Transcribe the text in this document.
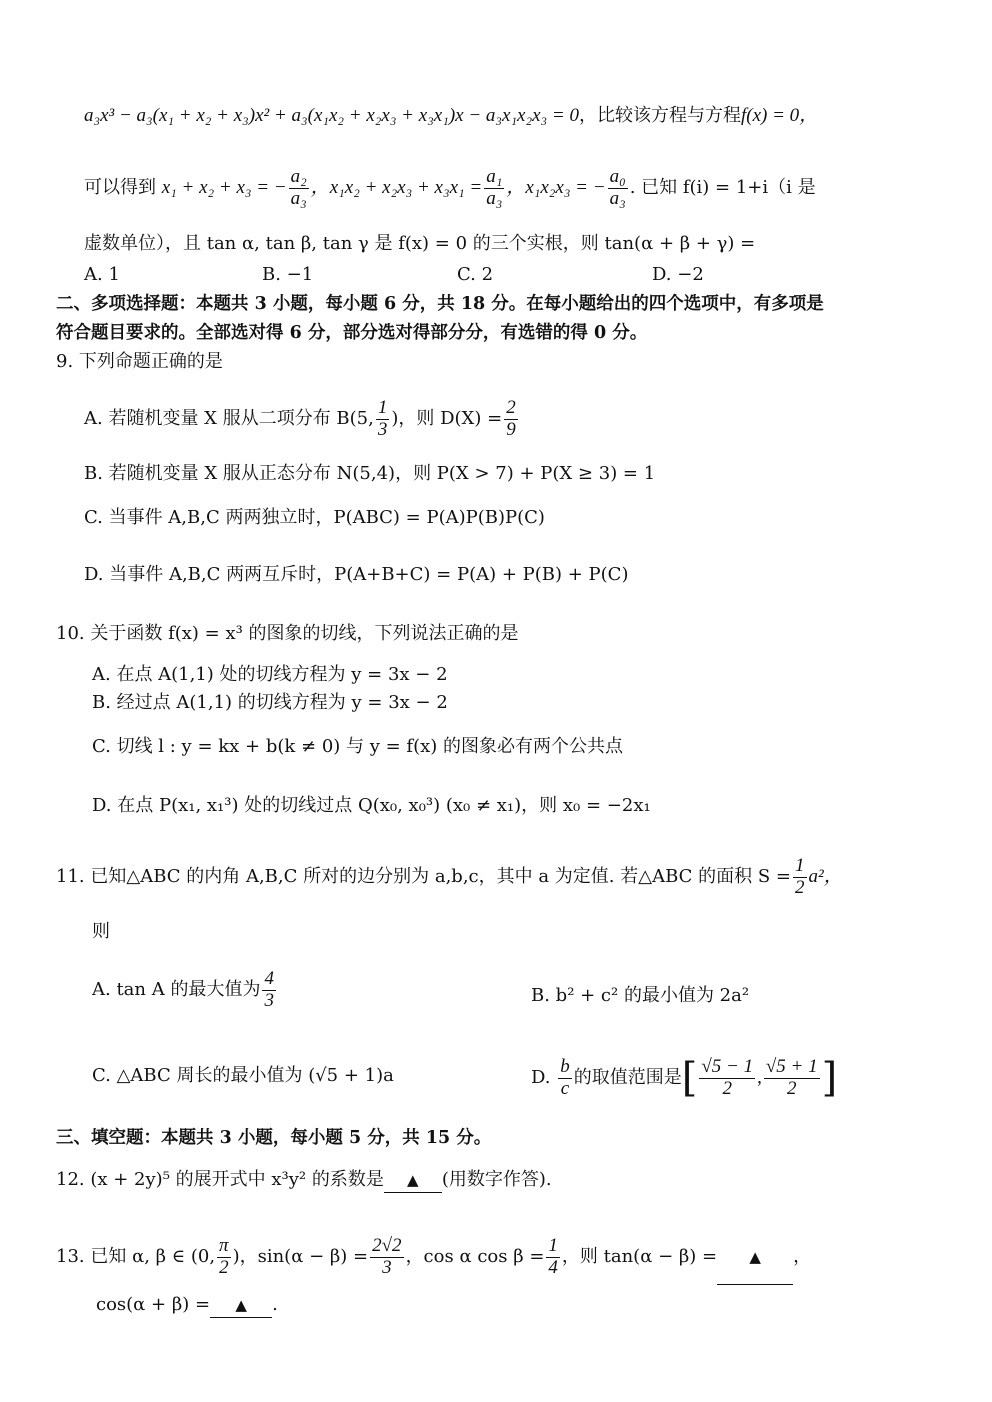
a₃x³ − a₃(x₁ + x₂ + x₃)x² + a₃(x₁x₂ + x₂x₃ + x₃x₁)x − a₃x₁x₂x₃ = 0，比较该方程与方程f(x) = 0，
可以得到 x₁ + x₂ + x₃ = − $\frac{\text{a₂}}{\text{a₃}}$ ，$x_1x_2 + x_2x_3 + x_3x_1 = \frac{\text{a₁}}{\text{a₃}}$ ，x₁x₂x₃ = − $\frac{\text{a₀}}{\text{a₃}}$ . 已知 f(i) = 1+i（i 是
虚数单位），且 tan α, tan β, tan γ 是 f(x) = 0 的三个实根，则 tan(α + β + γ) =
A. 1	B. −1	C. 2	D. −2
二、多项选择题：本题共 3 小题，每小题 6 分，共 18 分。在每小题给出的四个选项中，有多项是
符合题目要求的。全部选对得 6 分，部分选对得部分分，有选错的得 0 分。
9. 下列命题正确的是
A. 若随机变量 X 服从二项分布 B(5, $\frac{1}{3}$ )，则 $D(X) = \frac{2}{9}$
B. 若随机变量 X 服从正态分布 N(5,4)，则 P(X > 7) + P(X ≥ 3) = 1
C. 当事件 A,B,C 两两独立时，P(ABC) = P(A)P(B)P(C)
D. 当事件 A,B,C 两两互斥时，P(A+B+C) = P(A) + P(B) + P(C)
10. 关于函数 f(x) = x³ 的图象的切线，下列说法正确的是
A. 在点 A(1,1) 处的切线方程为 y = 3x − 2
B. 经过点 A(1,1) 的切线方程为 y = 3x − 2
C. 切线 l : y = kx + b(k ≠ 0) 与 y = f(x) 的图象必有两个公共点
D. 在点 P(x₁, x₁³) 处的切线过点 Q(x₀, x₀³) (x₀ ≠ x₁)，则 x₀ = −2x₁
11. 已知△ABC 的内角 A,B,C 所对的边分别为 a,b,c，其中 a 为定值. 若△ABC 的面积 $S = \frac{1}{2} a^2$，
则
A. tan A 的最大值为 $\frac{4}{3}$	B. b² + c² 的最小值为 2a²
C. △ABC 周长的最小值为 (√5 + 1)a	D. $\frac{b}{c}$ 的取值范围是[ $\frac{√5 - 1}{2}$ , $\frac{√5 + 1}{2}$ ]
三、填空题：本题共 3 小题，每小题 5 分，共 15 分。
12. (x + 2y)⁵ 的展开式中 x³y² 的系数是 ▲ (用数字作答).
13. 已知 α, β ∈ (0, $\frac{\pi}{2}$ )，$\sin(\alpha - \beta) = \frac{2√2}{3}$ ，cos α $\cos \beta = \frac{1}{4}$ ，则 tan(α − β) = ▲ ，
cos(α + β) = ▲ .
